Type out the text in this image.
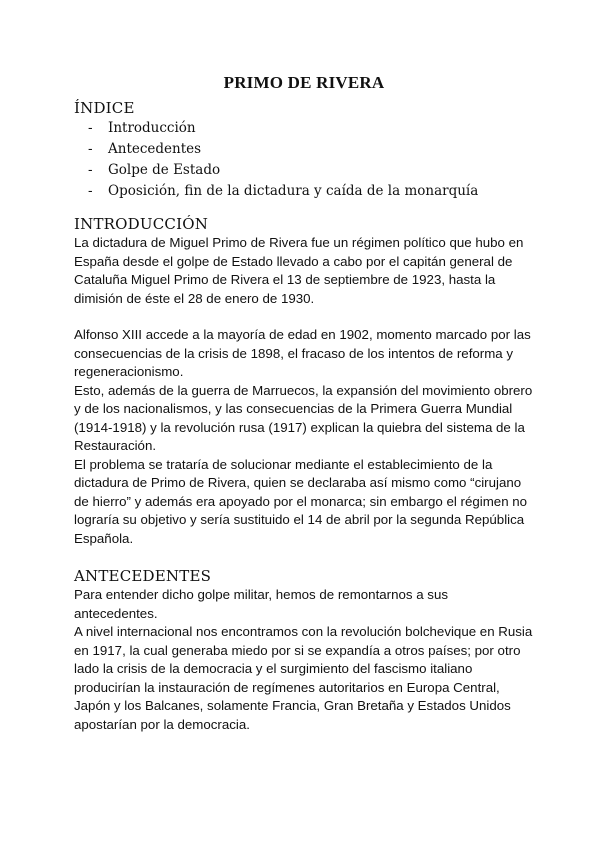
PRIMO DE RIVERA
ÍNDICE
- Introducción
- Antecedentes
- Golpe de Estado
- Oposición, fin de la dictadura y caída de la monarquía
INTRODUCCIÓN

La dictadura de Miguel Primo de Rivera fue un régimen político que hubo en España desde el golpe de Estado llevado a cabo por el capitán general de Cataluña Miguel Primo de Rivera el 13 de septiembre de 1923, hasta la dimisión de éste el 28 de enero de 1930.

Alfonso XIII accede a la mayoría de edad en 1902, momento marcado por las consecuencias de la crisis de 1898, el fracaso de los intentos de reforma y regeneracionismo.

Esto, además de la guerra de Marruecos, la expansión del movimiento obrero y de los nacionalismos, y las consecuencias de la Primera Guerra Mundial (1914-1918) y la revolución rusa (1917) explican la quiebra del sistema de la Restauración.

El problema se trataría de solucionar mediante el establecimiento de la dictadura de Primo de Rivera, quien se declaraba así mismo como “cirujano de hierro” y además era apoyado por el monarca; sin embargo el régimen no lograría su objetivo y sería sustituido el 14 de abril por la segunda República Española.

ANTECEDENTES

Para entender dicho golpe militar, hemos de remontarnos a sus antecedentes.

A nivel internacional nos encontramos con la revolución bolchevique en Rusia en 1917, la cual generaba miedo por si se expandía a otros países; por otro lado la crisis de la democracia y el surgimiento del fascismo italiano producirían la instauración de regímenes autoritarios en Europa Central, Japón y los Balcanes, solamente Francia, Gran Bretaña y Estados Unidos apostarían por la democracia.
